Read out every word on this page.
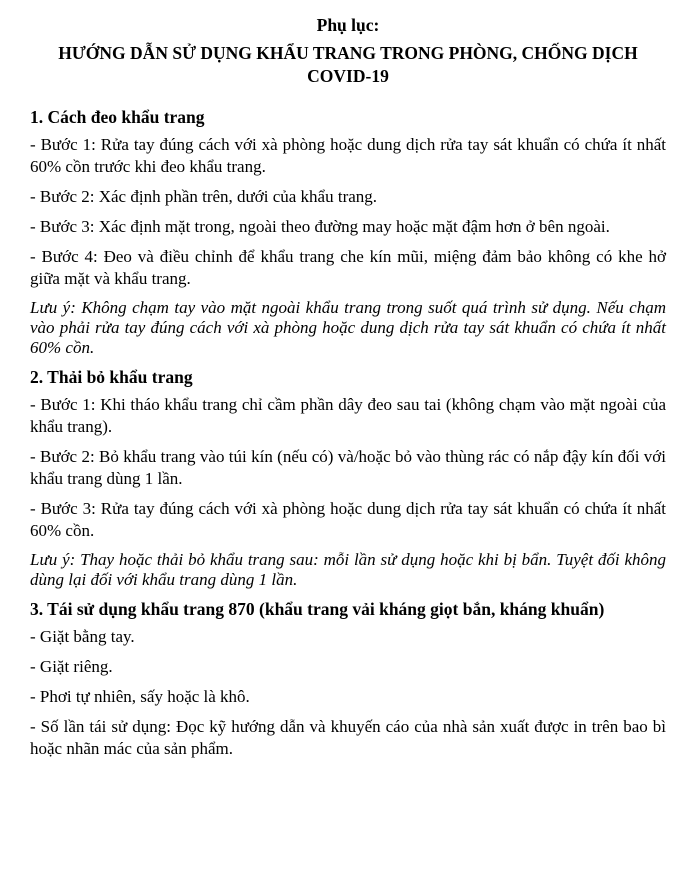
Phụ lục:
HƯỚNG DẪN SỬ DỤNG KHẨU TRANG TRONG PHÒNG, CHỐNG DỊCH COVID-19
1. Cách đeo khẩu trang

- Bước 1: Rửa tay đúng cách với xà phòng hoặc dung dịch rửa tay sát khuẩn có chứa ít nhất 60% cồn trước khi đeo khẩu trang.

- Bước 2: Xác định phần trên, dưới của khẩu trang.

- Bước 3: Xác định mặt trong, ngoài theo đường may hoặc mặt đậm hơn ở bên ngoài.

- Bước 4: Đeo và điều chỉnh để khẩu trang che kín mũi, miệng đảm bảo không có khe hở giữa mặt và khẩu trang.

Lưu ý: Không chạm tay vào mặt ngoài khẩu trang trong suốt quá trình sử dụng. Nếu chạm vào phải rửa tay đúng cách với xà phòng hoặc dung dịch rửa tay sát khuẩn có chứa ít nhất 60% cồn.

2. Thải bỏ khẩu trang

- Bước 1: Khi tháo khẩu trang chỉ cầm phần dây đeo sau tai (không chạm vào mặt ngoài của khẩu trang).

- Bước 2: Bỏ khẩu trang vào túi kín (nếu có) và/hoặc bỏ vào thùng rác có nắp đậy kín đối với khẩu trang dùng 1 lần.

- Bước 3: Rửa tay đúng cách với xà phòng hoặc dung dịch rửa tay sát khuẩn có chứa ít nhất 60% cồn.

Lưu ý: Thay hoặc thải bỏ khẩu trang sau: mỗi lần sử dụng hoặc khi bị bẩn. Tuyệt đối không dùng lại đối với khẩu trang dùng 1 lần.

3. Tái sử dụng khẩu trang 870 (khẩu trang vải kháng giọt bắn, kháng khuẩn)

- Giặt bằng tay.

- Giặt riêng.

- Phơi tự nhiên, sấy hoặc là khô.

- Số lần tái sử dụng: Đọc kỹ hướng dẫn và khuyến cáo của nhà sản xuất được in trên bao bì hoặc nhãn mác của sản phẩm.
